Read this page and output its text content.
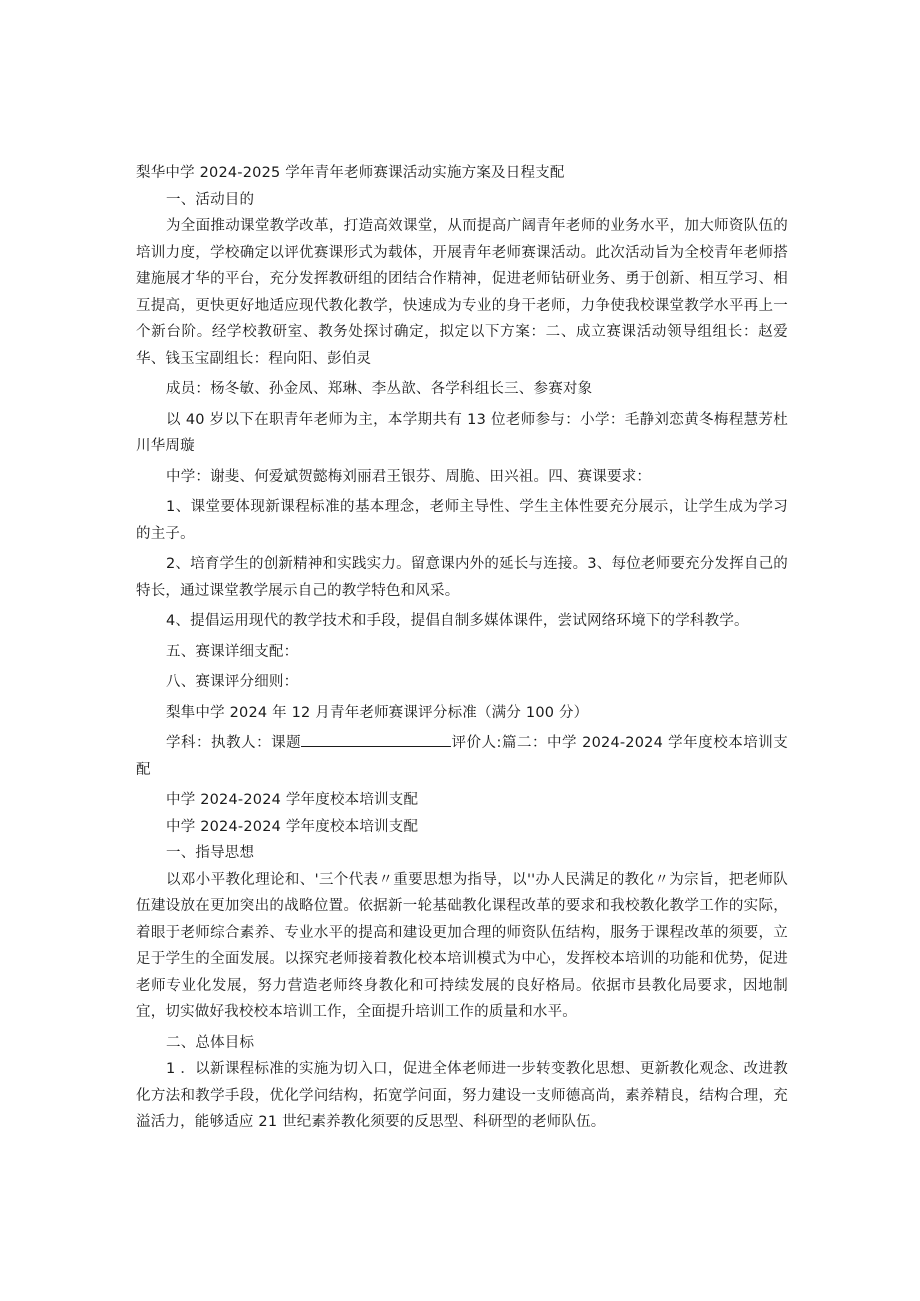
梨华中学 2024-2025 学年青年老师赛课活动实施方案及日程支配

一、活动目的

为全面推动课堂教学改革，打造高效课堂，从而提高广阔青年老师的业务水平，加大师资队伍的培训力度，学校确定以评优赛课形式为载体，开展青年老师赛课活动。此次活动旨为全校青年老师搭建施展才华的平台，充分发挥教研组的团结合作精神，促进老师钻研业务、勇于创新、相互学习、相互提高，更快更好地适应现代教化教学，快速成为专业的身干老师，力争使我校课堂教学水平再上一个新台阶。经学校教研室、教务处探讨确定，拟定以下方案：二、成立赛课活动领导组组长：赵爱华、钱玉宝副组长：程向阳、彭伯灵

成员：杨冬敏、孙金凤、郑琳、李丛歆、各学科组长三、参赛对象

以 40 岁以下在职青年老师为主，本学期共有 13 位老师参与：小学：毛静刘恋黄冬梅程慧芳杜川华周璇

中学：谢斐、何爱斌贺懿梅刘丽君王银芬、周脆、田兴祖。四、赛课要求：

1、课堂要体现新课程标准的基本理念，老师主导性、学生主体性要充分展示，让学生成为学习的主子。

2、培育学生的创新精神和实践实力。留意课内外的延长与连接。3、每位老师要充分发挥自己的特长，通过课堂教学展示自己的教学特色和风采。

4、提倡运用现代的教学技术和手段，提倡自制多媒体课件，尝试网络环境下的学科教学。

五、赛课详细支配：

八、赛课评分细则：

梨隼中学 2024 年 12 月青年老师赛课评分标准（满分 100 分）

学科：执教人：课题	评价人:篇二：中学 2024-2024 学年度校本培训支配

中学 2024-2024 学年度校本培训支配

中学 2024-2024 学年度校本培训支配

一、指导思想

以邓小平教化理论和、'三个代表〃重要思想为指导，以''办人民满足的教化〃为宗旨，把老师队伍建设放在更加突出的战略位置。依据新一轮基础教化课程改革的要求和我校教化教学工作的实际，着眼于老师综合素养、专业水平的提高和建设更加合理的师资队伍结构，服务于课程改革的须要，立足于学生的全面发展。以探究老师接着教化校本培训模式为中心，发挥校本培训的功能和优势，促进老师专业化发展，努力营造老师终身教化和可持续发展的良好格局。依据市县教化局要求，因地制宜，切实做好我校校本培训工作，全面提升培训工作的质量和水平。

二、总体目标

1 ．以新课程标准的实施为切入口，促进全体老师进一步转变教化思想、更新教化观念、改进教化方法和教学手段，优化学问结构，拓宽学问面，努力建设一支师德高尚，素养精良，结构合理，充溢活力，能够适应 21 世纪素养教化须要的反思型、科研型的老师队伍。
